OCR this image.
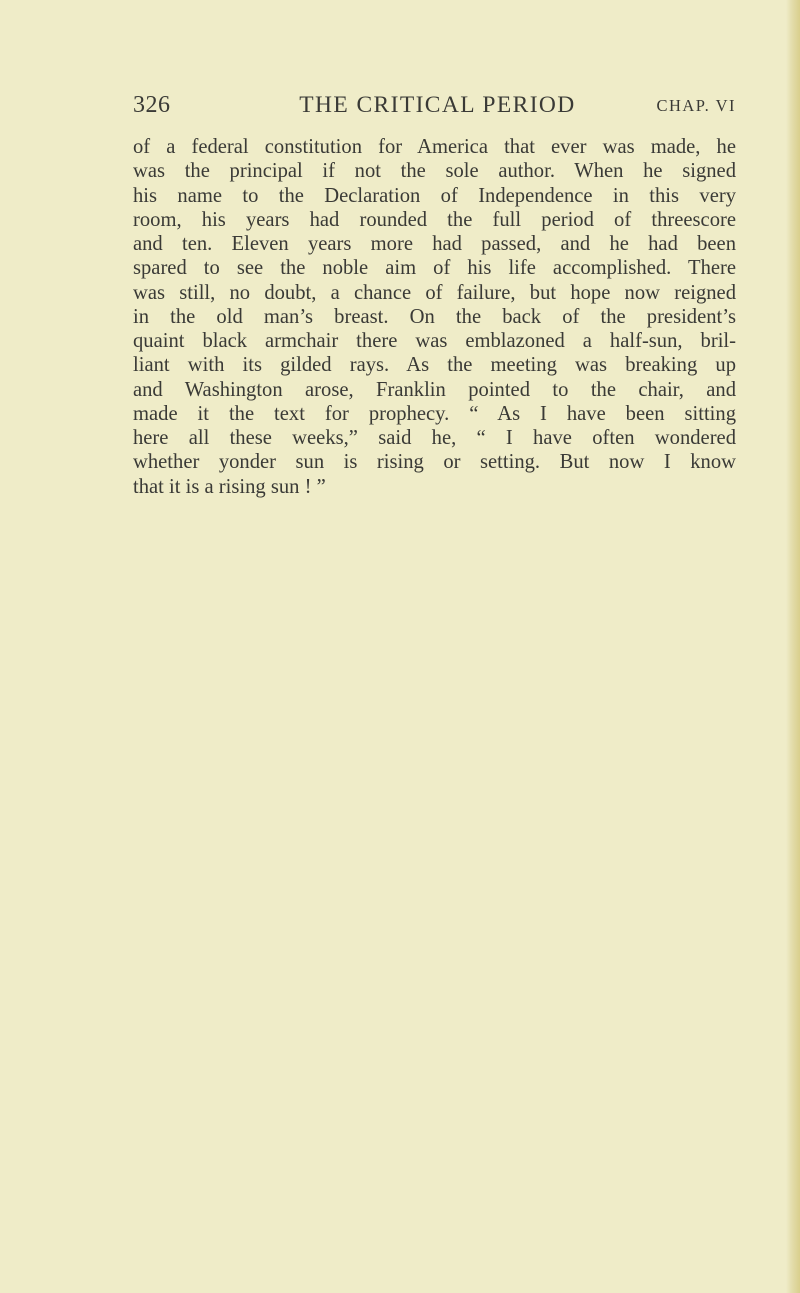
326	THE CRITICAL PERIOD	CHAP. VI

of a federal constitution for America that ever was made, he
was the principal if not the sole author. When he signed
his name to the Declaration of Independence in this very
room, his years had rounded the full period of threescore
and ten. Eleven years more had passed, and he had been
spared to see the noble aim of his life accomplished. There
was still, no doubt, a chance of failure, but hope now reigned
in the old man’s breast. On the back of the president’s
quaint black armchair there was emblazoned a half-sun, bril-
liant with its gilded rays. As the meeting was breaking up
and Washington arose, Franklin pointed to the chair, and
made it the text for prophecy. “ As I have been sitting
here all these weeks,” said he, “ I have often wondered
whether yonder sun is rising or setting. But now I know
that it is a rising sun ! ”
